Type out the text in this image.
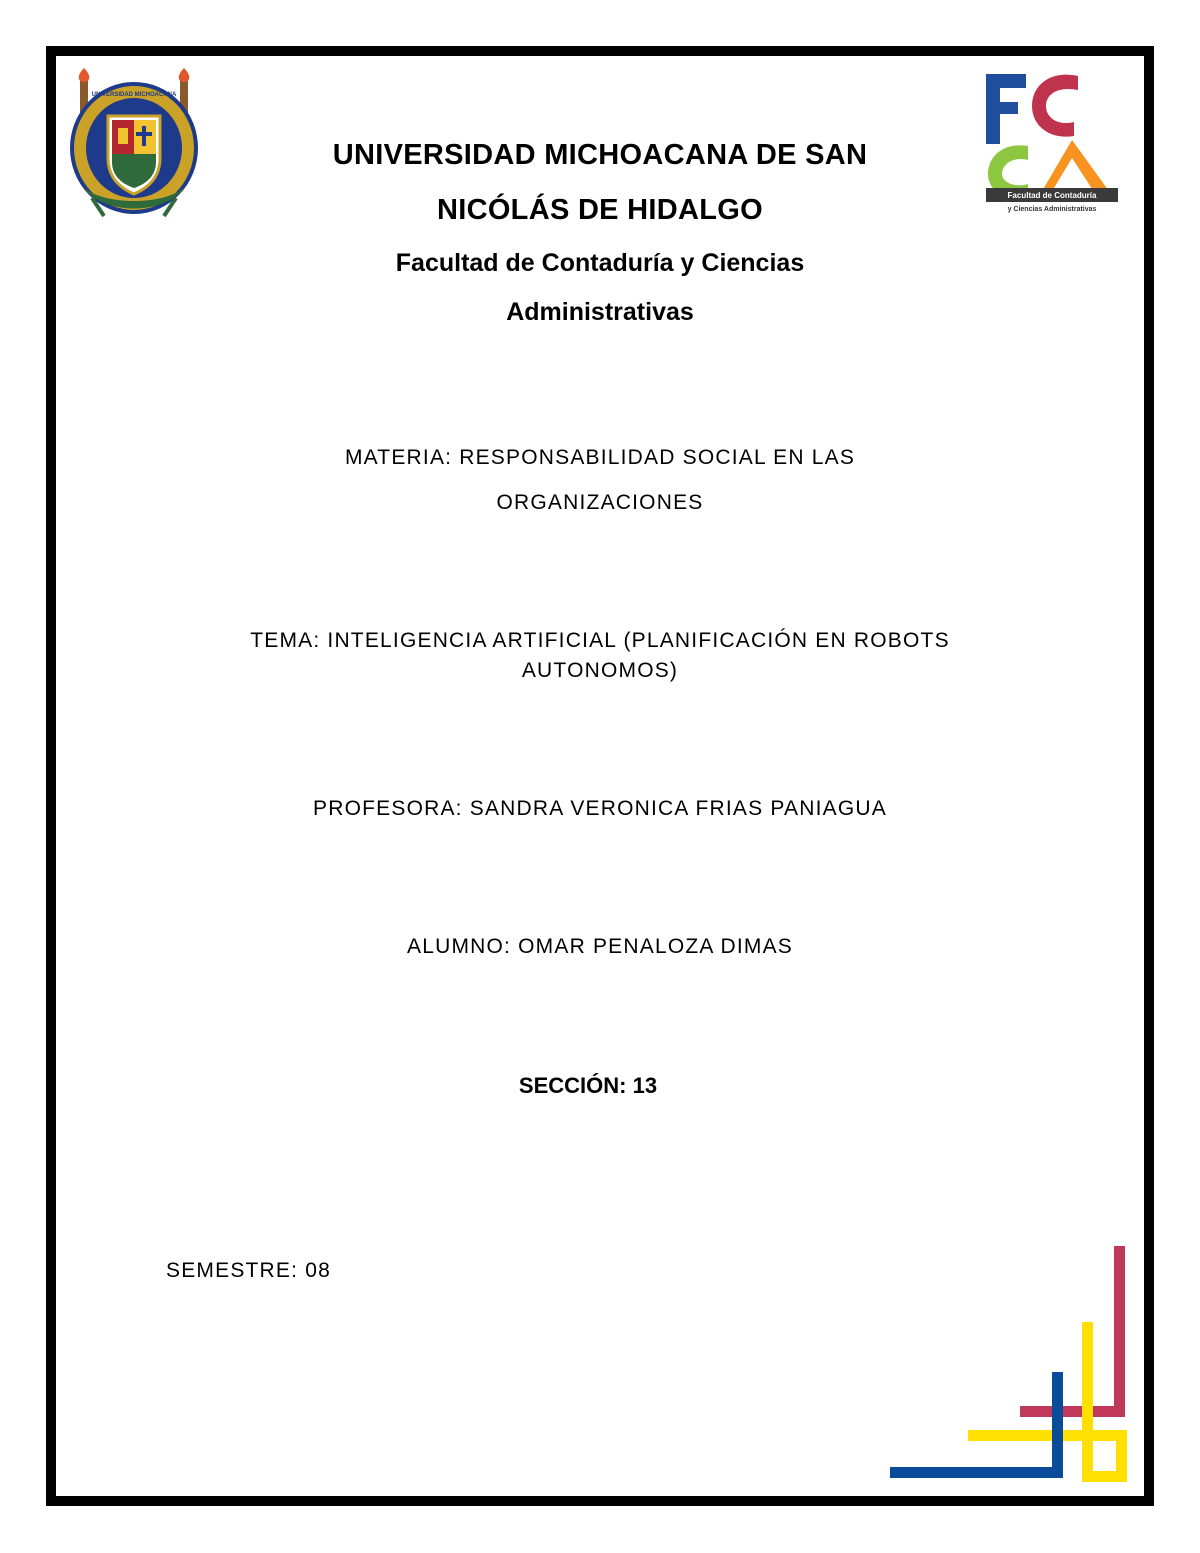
UNIVERSIDAD MICHOACANA
Facultad de Contaduría
y Ciencias Administrativas
UNIVERSIDAD MICHOACANA DE SAN
NICÓLÁS DE HIDALGO
Facultad de Contaduría y Ciencias
Administrativas
MATERIA: RESPONSABILIDAD SOCIAL EN LAS
ORGANIZACIONES
TEMA: INTELIGENCIA ARTIFICIAL (PLANIFICACIÓN EN ROBOTS
AUTONOMOS)
PROFESORA: SANDRA VERONICA FRIAS PANIAGUA
ALUMNO: OMAR PENALOZA DIMAS
SECCIÓN: 13
SEMESTRE: 08
